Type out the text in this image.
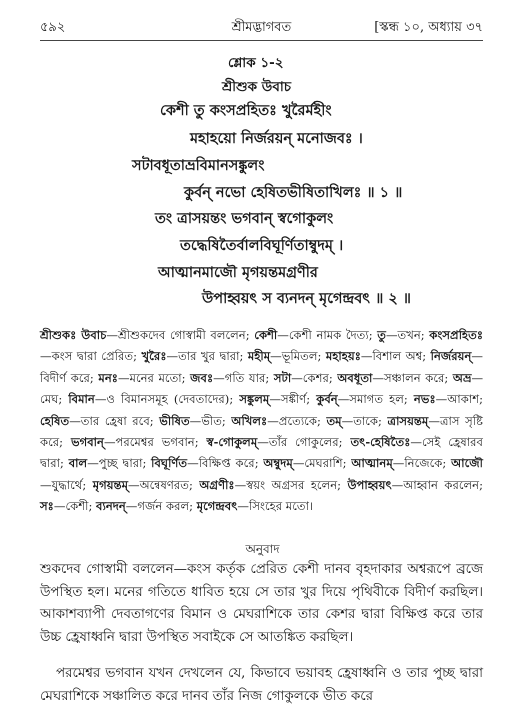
৫৯২	শ্রীমদ্ভাগবত	[স্কন্ধ ১০, অধ্যায় ৩৭
শ্লোক ১-২
শ্রীশুক উবাচ
কেশী তু কংসপ্রহিতঃ খুরৈর্মহীং
মহাহয়ো নির্জরয়ন্ মনোজবঃ ।
সটাবধূতাভ্রবিমানসঙ্কুলং
কুর্বন্ নভো হেষিতভীষিতাখিলঃ ॥ ১ ॥
তং ত্রাসয়ন্তং ভগবান্ স্বগোকুলং
তদ্ধেষিতৈর্বালবিঘূর্ণিতাম্বুদম্ ।
আত্মানমাজৌ মৃগয়ন্তমগ্রণীর
উপাহ্বয়ৎ স ব্যনদন্ মৃগেন্দ্রবৎ ॥ ২ ॥
শ্রীশুকঃ উবাচ—শ্রীশুকদেব গোস্বামী বললেন; কেশী—কেশী নামক দৈত্য; তু—তখন; কংসপ্রহিতঃ—কংস দ্বারা প্রেরিত; খুরৈঃ—তার খুর দ্বারা; মহীম্—ভূমিতল; মহাহয়ঃ—বিশাল অশ্ব; নির্জরয়ন্—বিদীর্ণ করে; মনঃ—মনের মতো; জবঃ—গতি যার; সটা—কেশর; অবধূতা—সঞ্চালন করে; অভ্র—মেঘ; বিমান—ও বিমানসমূহ (দেবতাদের); সঙ্কুলম্—সঙ্কীর্ণ; কুর্বন্—সমাগত হল; নভঃ—আকাশ; হেষিত—তার হ্রেষা রবে; ভীষিত—ভীত; অখিলঃ—প্রত্যেকে; তম্—তাকে; ত্রাসয়ন্তম্—ত্রাস সৃষ্টি করে; ভগবান্—পরমেশ্বর ভগবান; স্ব-গোকুলম্—তাঁর গোকুলের; তৎ-হেষিতৈঃ—সেই হ্রেষারব দ্বারা; বাল—পুচ্ছ দ্বারা; বিঘূর্ণিত—বিক্ষিপ্ত করে; অম্বুদম্—মেঘরাশি; আত্মানম্—নিজেকে; আজৌ—যুদ্ধার্থে; মৃগয়ন্তম্—অন্বেষণরত; অগ্রণীঃ—স্বয়ং অগ্রসর হলেন; উপাহ্বয়ৎ—আহ্বান করলেন; সঃ—কেশী; ব্যনদন্—গর্জন করল; মৃগেন্দ্রবৎ—সিংহের মতো।
অনুবাদ
শুকদেব গোস্বামী বললেন—কংস কর্তৃক প্রেরিত কেশী দানব বৃহদাকার অশ্বরূপে ব্রজে উপস্থিত হল। মনের গতিতে ধাবিত হয়ে সে তার খুর দিয়ে পৃথিবীকে বিদীর্ণ করছিল। আকাশব্যাপী দেবতাগণের বিমান ও মেঘরাশিকে তার কেশর দ্বারা বিক্ষিপ্ত করে তার উচ্চ হ্রেষাধ্বনি দ্বারা উপস্থিত সবাইকে সে আতঙ্কিত করছিল।
পরমেশ্বর ভগবান যখন দেখলেন যে, কিভাবে ভয়াবহ হ্রেষাধ্বনি ও তার পুচ্ছ দ্বারা মেঘরাশিকে সঞ্চালিত করে দানব তাঁর নিজ গোকুলকে ভীত করে
